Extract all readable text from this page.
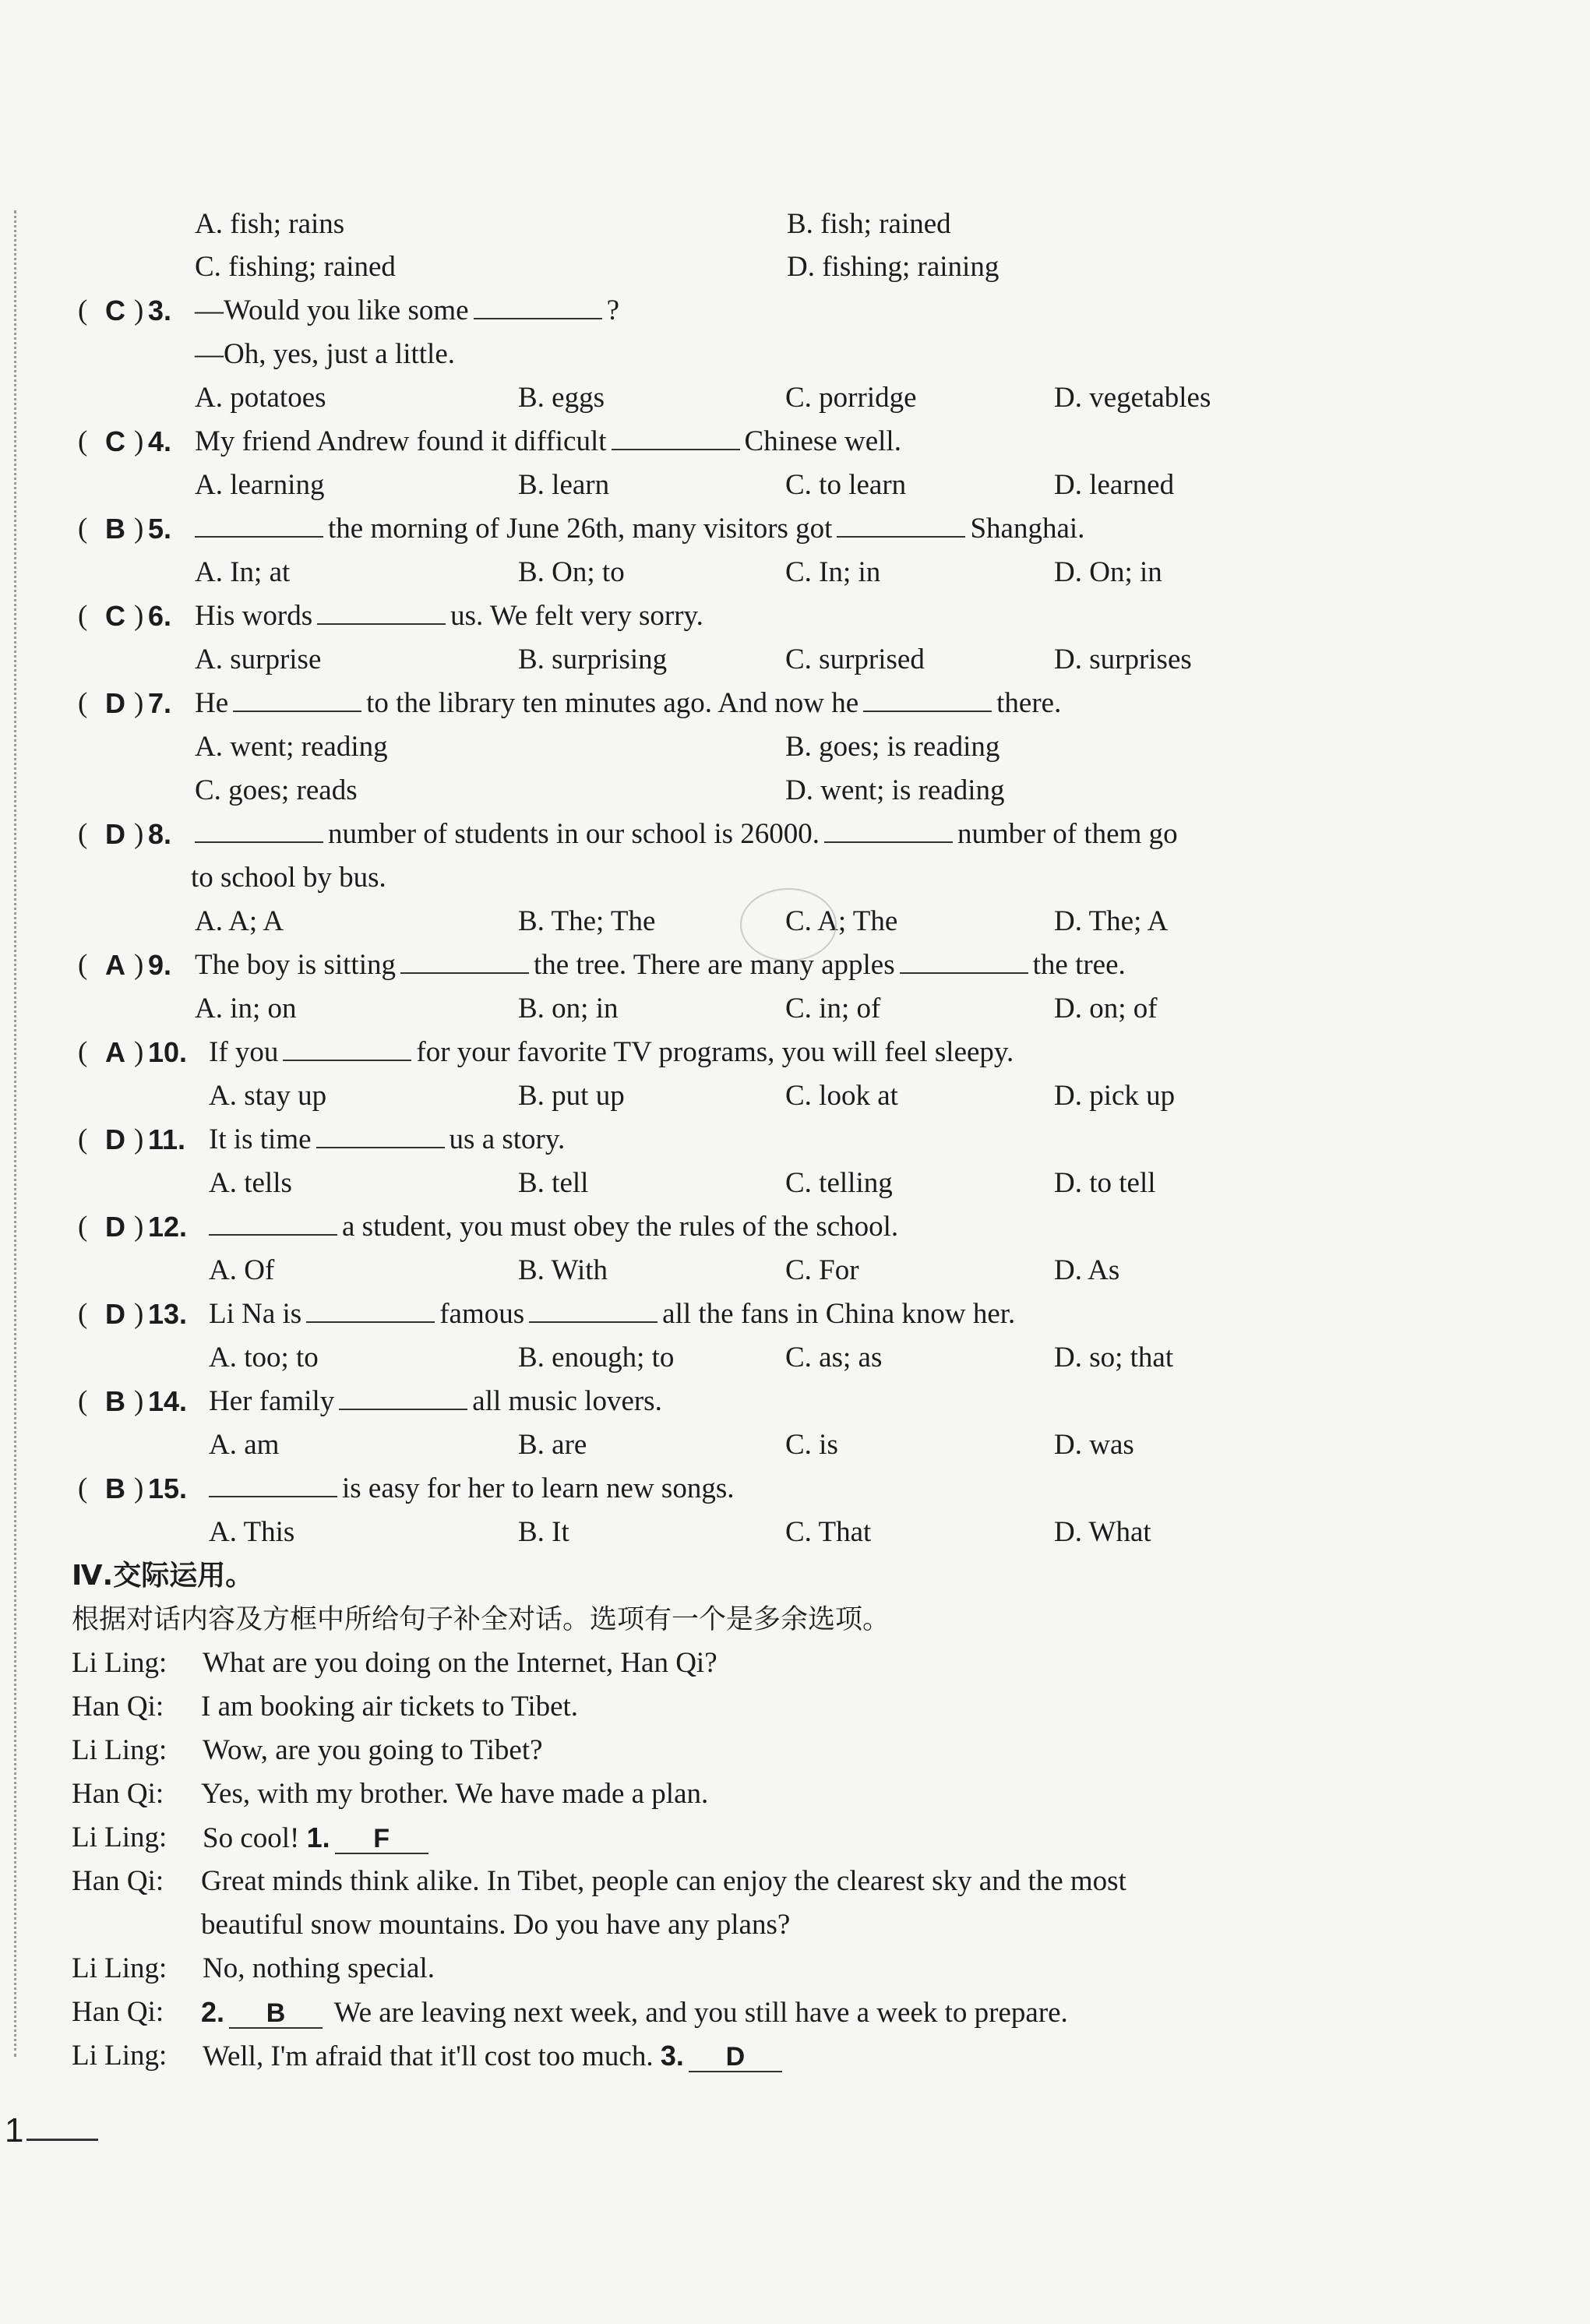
A. fish; rains	B. fish; rained
C. fishing; rained	D. fishing; raining
( C ) 3. —Would you like some	?
—Oh, yes, just a little.
A. potatoes	B. eggs	C. porridge	D. vegetables
( C ) 4. My friend Andrew found it difficult	Chinese well.
A. learning	B. learn	C. to learn	D. learned
( B ) 5.	the morning of June 26th, many visitors got	Shanghai.
A. In; at	B. On; to	C. In; in	D. On; in
( C ) 6. His words	us. We felt very sorry.
A. surprise	B. surprising	C. surprised	D. surprises
( D ) 7. He	to the library ten minutes ago. And now he	there.
A. went; reading	B. goes; is reading
C. goes; reads	D. went; is reading
( D ) 8.	number of students in our school is 26000.	number of them go
to school by bus.
A. A; A	B. The; The	C. A; The	D. The; A
( A ) 9. The boy is sitting	the tree. There are many apples	the tree.
A. in; on	B. on; in	C. in; of	D. on; of
( A ) 10. If you	for your favorite TV programs, you will feel sleepy.
A. stay up	B. put up	C. look at	D. pick up
( D ) 11. It is time	us a story.
A. tells	B. tell	C. telling	D. to tell
( D ) 12.	a student, you must obey the rules of the school.
A. Of	B. With	C. For	D. As
( D ) 13. Li Na is	famous	all the fans in China know her.
A. too; to	B. enough; to	C. as; as	D. so; that
( B ) 14. Her family	all music lovers.
A. am	B. are	C. is	D. was
( B ) 15.	is easy for her to learn new songs.
A. This	B. It	C. That	D. What
Ⅳ.交际运用。
根据对话内容及方框中所给句子补全对话。选项有一个是多余选项。
Li Ling: What are you doing on the Internet, Han Qi?
Han Qi: I am booking air tickets to Tibet.
Li Ling: Wow, are you going to Tibet?
Han Qi: Yes, with my brother. We have made a plan.
Li Ling: So cool! 1. F
Han Qi: Great minds think alike. In Tibet, people can enjoy the clearest sky and the most
beautiful snow mountains. Do you have any plans?
Li Ling: No, nothing special.
Han Qi: 2. B We are leaving next week, and you still have a week to prepare.
Li Ling: Well, I'm afraid that it'll cost too much. 3. D
1
